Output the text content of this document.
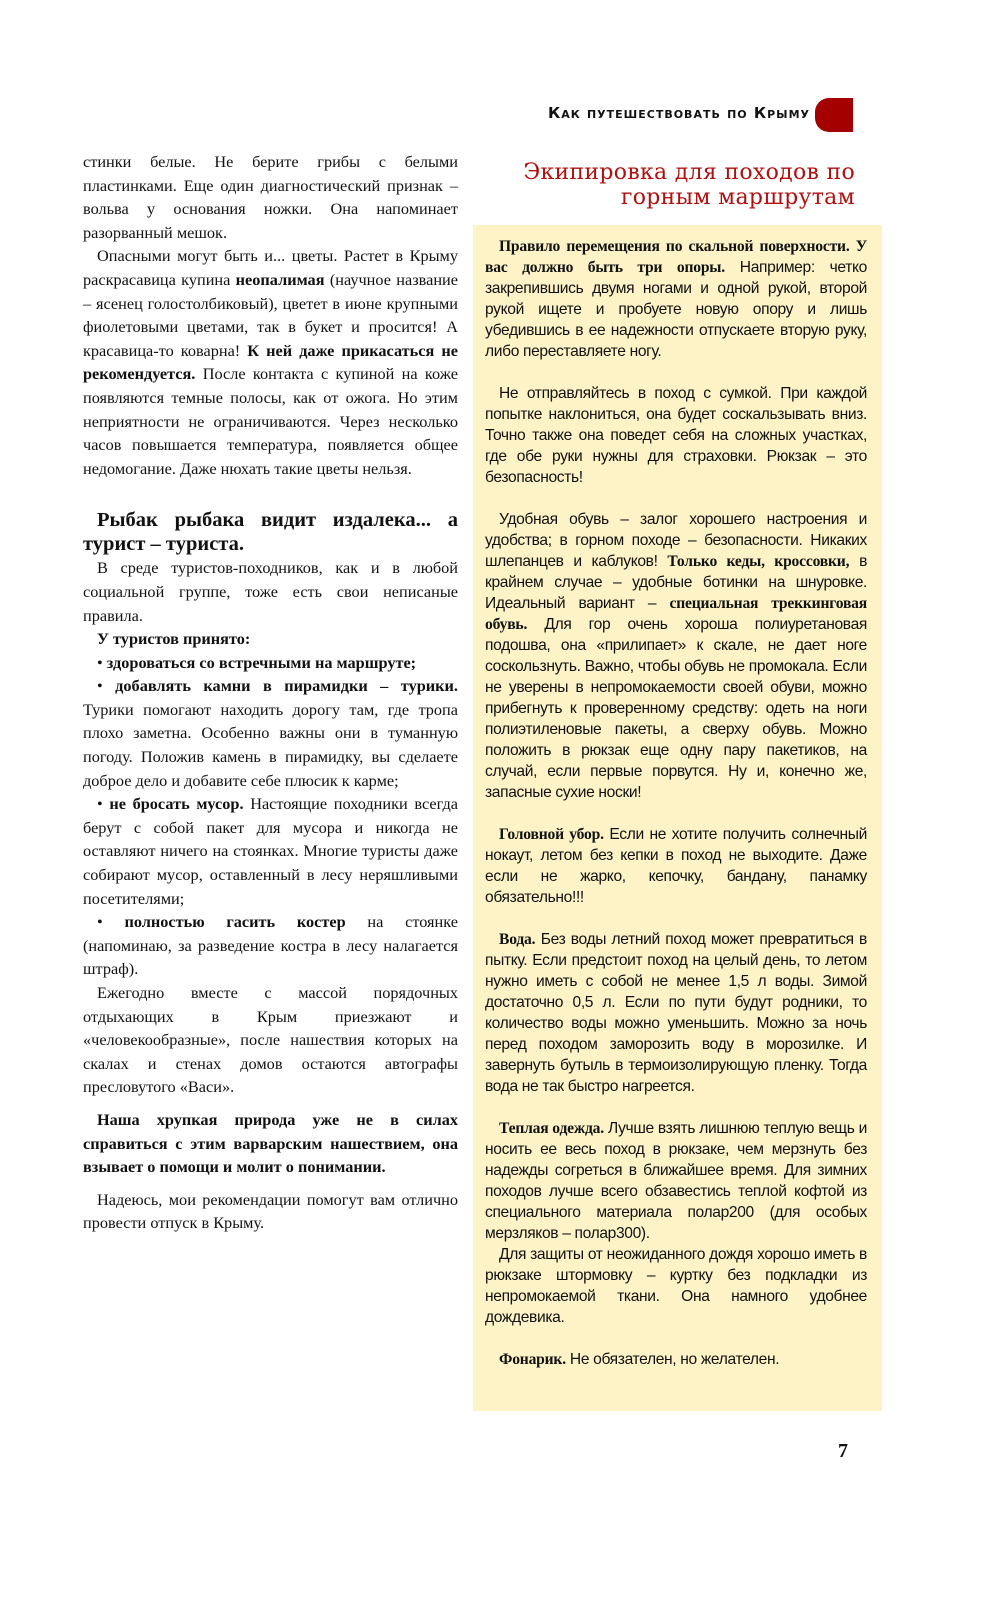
Как путешествовать по Крыму
Экипировка для походов по горным маршрутам

стинки белые. Не берите грибы с белыми пластинками. Еще один диагностический признак – вольва у основания ножки. Она напоминает разорванный мешок.

Опасными могут быть и... цветы. Растет в Крыму раскрасавица купина неопалимая (научное название – ясенец голостолбиковый), цветет в июне крупными фиолетовыми цветами, так в букет и просится! А красавица-то коварна! К ней даже прикасаться не рекомендуется. После контакта с купиной на коже появляются темные полосы, как от ожога. Но этим неприятности не ограничиваются. Через несколько часов повышается температура, появляется общее недомогание. Даже нюхать такие цветы нельзя.

Рыбак рыбака видит издалека... а турист – туриста.

В среде туристов-походников, как и в любой социальной группе, тоже есть свои неписаные правила.

У туристов принято:

• здороваться со встречными на маршруте;

• добавлять камни в пирамидки – турики. Турики помогают находить дорогу там, где тропа плохо заметна. Особенно важны они в туманную погоду. Положив камень в пирамидку, вы сделаете доброе дело и добавите себе плюсик к карме;

• не бросать мусор. Настоящие походники всегда берут с собой пакет для мусора и никогда не оставляют ничего на стоянках. Многие туристы даже собирают мусор, оставленный в лесу неряшливыми посетителями;

• полностью гасить костер на стоянке (напоминаю, за разведение костра в лесу налагается штраф).

Ежегодно вместе с массой порядочных отдыхающих в Крым приезжают и «человекообразные», после нашествия которых на скалах и стенах домов остаются автографы пресловутого «Васи».

Наша хрупкая природа уже не в силах справиться с этим варварским нашествием, она взывает о помощи и молит о понимании.

Надеюсь, мои рекомендации помогут вам отлично провести отпуск в Крыму.

Правило перемещения по скальной поверхности. У вас должно быть три опоры. Например: четко закрепившись двумя ногами и одной рукой, второй рукой ищете и пробуете новую опору и лишь убедившись в ее надежности отпускаете вторую руку, либо переставляете ногу.

Не отправляйтесь в поход с сумкой. При каждой попытке наклониться, она будет соскальзывать вниз. Точно также она поведет себя на сложных участках, где обе руки нужны для страховки. Рюкзак – это безопасность!

Удобная обувь – залог хорошего настроения и удобства; в горном походе – безопасности. Никаких шлепанцев и каблуков! Только кеды, кроссовки, в крайнем случае – удобные ботинки на шнуровке. Идеальный вариант – специальная треккинговая обувь. Для гор очень хороша полиуретановая подошва, она «прилипает» к скале, не дает ноге соскользнуть. Важно, чтобы обувь не промокала. Если не уверены в непромокаемости своей обуви, можно прибегнуть к проверенному средству: одеть на ноги полиэтиленовые пакеты, а сверху обувь. Можно положить в рюкзак еще одну пару пакетиков, на случай, если первые порвутся. Ну и, конечно же, запасные сухие носки!

Головной убор. Если не хотите получить солнечный нокаут, летом без кепки в поход не выходите. Даже если не жарко, кепочку, бандану, панамку обязательно!!!

Вода. Без воды летний поход может превратиться в пытку. Если предстоит поход на целый день, то летом нужно иметь с собой не менее 1,5 л воды. Зимой достаточно 0,5 л. Если по пути будут родники, то количество воды можно уменьшить. Можно за ночь перед походом заморозить воду в морозилке. И завернуть бутыль в термоизолирующую пленку. Тогда вода не так быстро нагреется.

Теплая одежда. Лучше взять лишнюю теплую вещь и носить ее весь поход в рюкзаке, чем мерзнуть без надежды согреться в ближайшее время. Для зимних походов лучше всего обзавестись теплой кофтой из специального материала полар200 (для особых мерзляков – полар300).

Для защиты от неожиданного дождя хорошо иметь в рюкзаке штормовку – куртку без подкладки из непромокаемой ткани. Она намного удобнее дождевика.

Фонарик. Не обязателен, но желателен.

7
